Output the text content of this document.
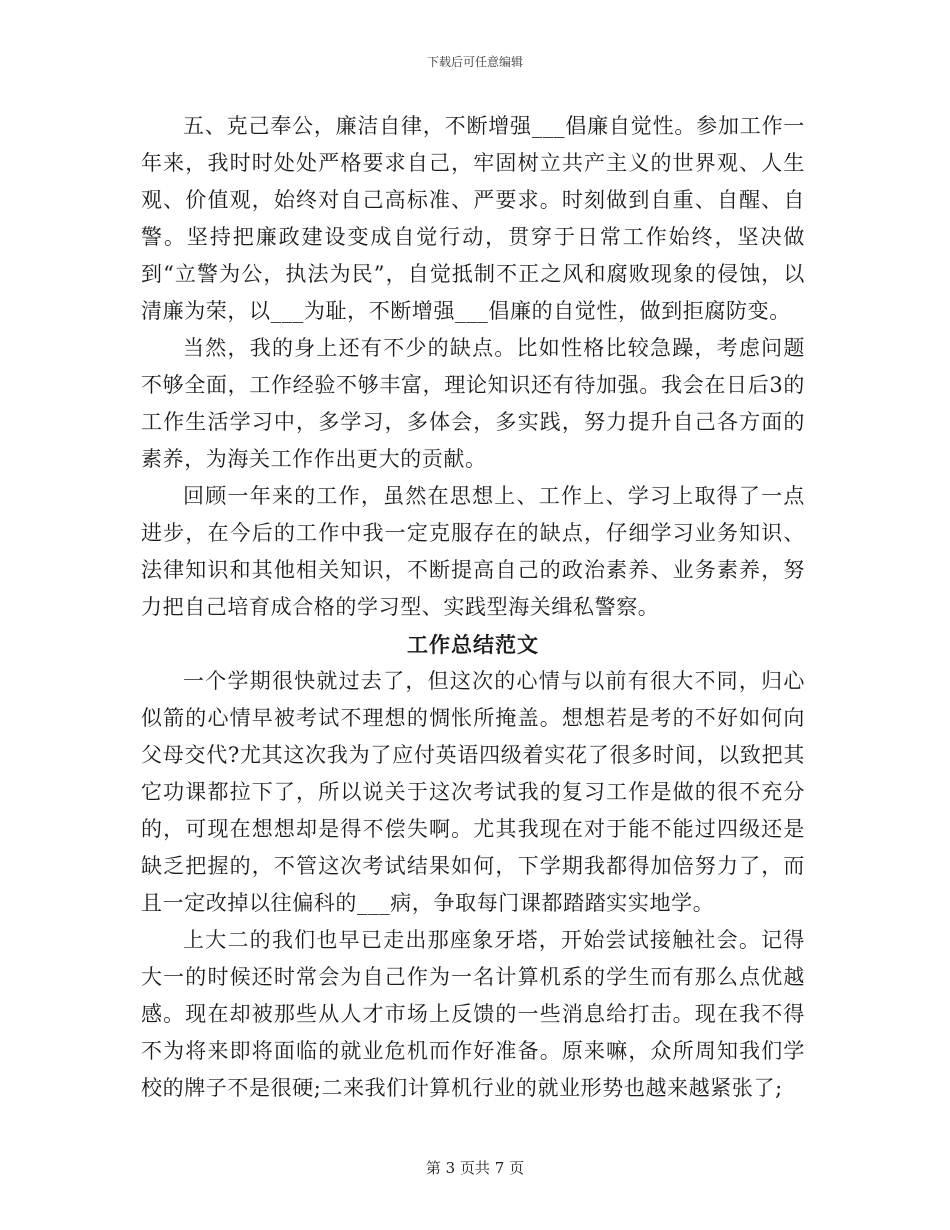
下载后可任意编辑

五、克己奉公，廉洁自律，不断增强___倡廉自觉性。参加工作一年来，我时时处处严格要求自己，牢固树立共产主义的世界观、人生观、价值观，始终对自己高标准、严要求。时刻做到自重、自醒、自警。坚持把廉政建设变成自觉行动，贯穿于日常工作始终，坚决做到“立警为公，执法为民”，自觉抵制不正之风和腐败现象的侵蚀，以清廉为荣，以___为耻，不断增强___倡廉的自觉性，做到拒腐防变。

当然，我的身上还有不少的缺点。比如性格比较急躁，考虑问题不够全面，工作经验不够丰富，理论知识还有待加强。我会在日后3的工作生活学习中，多学习，多体会，多实践，努力提升自己各方面的素养，为海关工作作出更大的贡献。

回顾一年来的工作，虽然在思想上、工作上、学习上取得了一点进步，在今后的工作中我一定克服存在的缺点，仔细学习业务知识、法律知识和其他相关知识，不断提高自己的政治素养、业务素养，努力把自己培育成合格的学习型、实践型海关缉私警察。

工作总结范文

一个学期很快就过去了，但这次的心情与以前有很大不同，归心似箭的心情早被考试不理想的惆怅所掩盖。想想若是考的不好如何向父母交代?尤其这次我为了应付英语四级着实花了很多时间，以致把其它功课都拉下了，所以说关于这次考试我的复习工作是做的很不充分的，可现在想想却是得不偿失啊。尤其我现在对于能不能过四级还是缺乏把握的，不管这次考试结果如何，下学期我都得加倍努力了，而且一定改掉以往偏科的___病，争取每门课都踏踏实实地学。

上大二的我们也早已走出那座象牙塔，开始尝试接触社会。记得大一的时候还时常会为自己作为一名计算机系的学生而有那么点优越感。现在却被那些从人才市场上反馈的一些消息给打击。现在我不得不为将来即将面临的就业危机而作好准备。原来嘛，众所周知我们学校的牌子不是很硬;二来我们计算机行业的就业形势也越来越紧张了;

第 3 页共 7 页
